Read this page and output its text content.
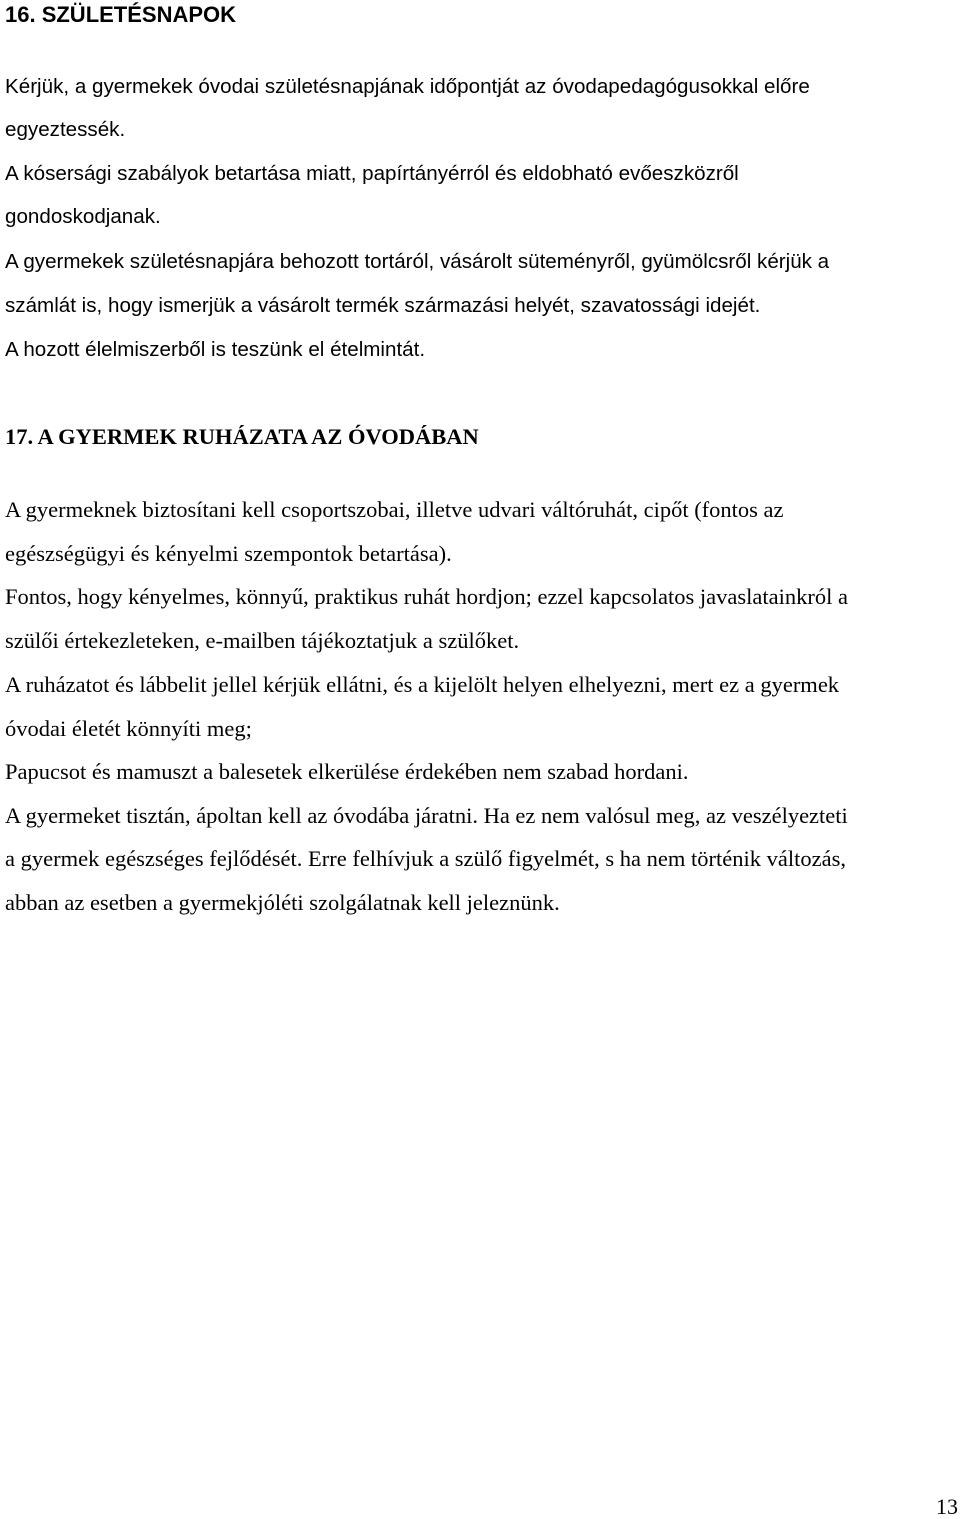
16. SZÜLETÉSNAPOK
Kérjük, a gyermekek óvodai születésnapjának időpontját az óvodapedagógusokkal előre
egyeztessék.
A kósersági szabályok betartása miatt, papírtányérról és eldobható evőeszközről
gondoskodjanak.
A gyermekek születésnapjára behozott tortáról, vásárolt süteményről, gyümölcsről kérjük a
számlát is, hogy ismerjük a vásárolt termék származási helyét, szavatossági idejét.
A hozott élelmiszerből is teszünk el ételmintát.
17. A GYERMEK RUHÁZATA AZ ÓVODÁBAN
A gyermeknek biztosítani kell csoportszobai, illetve udvari váltóruhát, cipőt (fontos az
egészségügyi és kényelmi szempontok betartása).
Fontos, hogy kényelmes, könnyű, praktikus ruhát hordjon; ezzel kapcsolatos javaslatainkról a
szülői értekezleteken, e-mailben tájékoztatjuk a szülőket.
A ruházatot és lábbelit jellel kérjük ellátni, és a kijelölt helyen elhelyezni, mert ez a gyermek
óvodai életét könnyíti meg;
Papucsot és mamuszt a balesetek elkerülése érdekében nem szabad hordani.
A gyermeket tisztán, ápoltan kell az óvodába járatni. Ha ez nem valósul meg, az veszélyezteti
a gyermek egészséges fejlődését. Erre felhívjuk a szülő figyelmét, s ha nem történik változás,
abban az esetben a gyermekjóléti szolgálatnak kell jeleznünk.
13
